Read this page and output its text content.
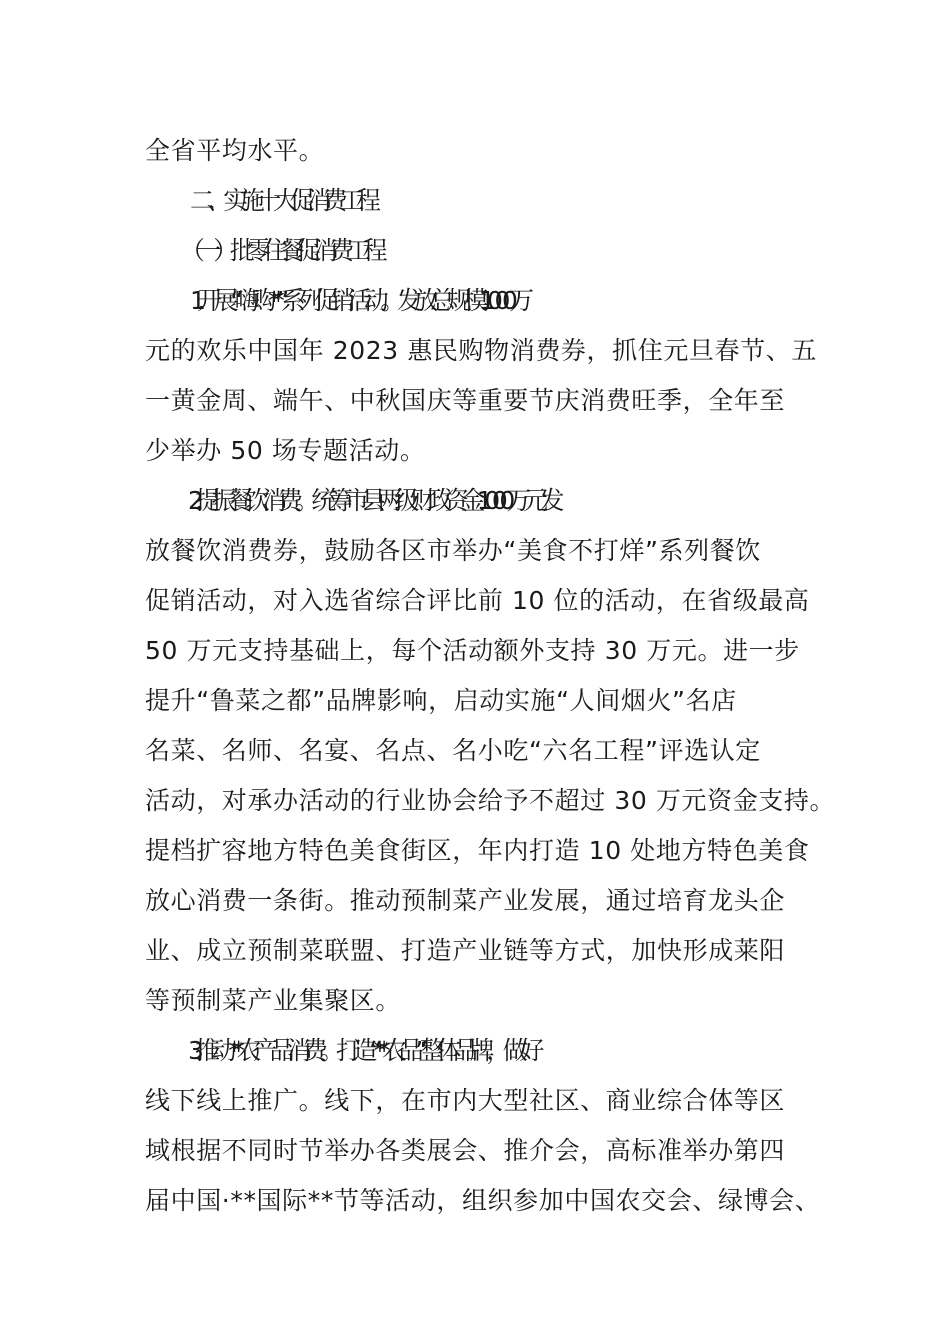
全省平均水平。
二、实施十大促消费工程
（一）批零住餐促消费工程
1.开展“嗨购**”系列促销活动。发放总规模 1000 万
元的欢乐中国年 2023 惠民购物消费券，抓住元旦春节、五
一黄金周、端午、中秋国庆等重要节庆消费旺季，全年至
少举办 50 场专题活动。
2.提振餐饮消费。统筹市县两级财政资金 1000 万元发
放餐饮消费券，鼓励各区市举办“美食不打烊”系列餐饮
促销活动，对入选省综合评比前 10 位的活动，在省级最高
50 万元支持基础上，每个活动额外支持 30 万元。进一步
提升“鲁菜之都”品牌影响，启动实施“人间烟火”名店
名菜、名师、名宴、名点、名小吃“六名工程”评选认定
活动，对承办活动的行业协会给予不超过 30 万元资金支持。
提档扩容地方特色美食街区，年内打造 10 处地方特色美食
放心消费一条街。推动预制菜产业发展，通过培育龙头企
业、成立预制菜联盟、打造产业链等方式，加快形成莱阳
等预制菜产业集聚区。
3.推动**农产品消费。打造“**农品”整体品牌，做好
线下线上推广。线下，在市内大型社区、商业综合体等区
域根据不同时节举办各类展会、推介会，高标准举办第四
届中国·**国际**节等活动，组织参加中国农交会、绿博会、
